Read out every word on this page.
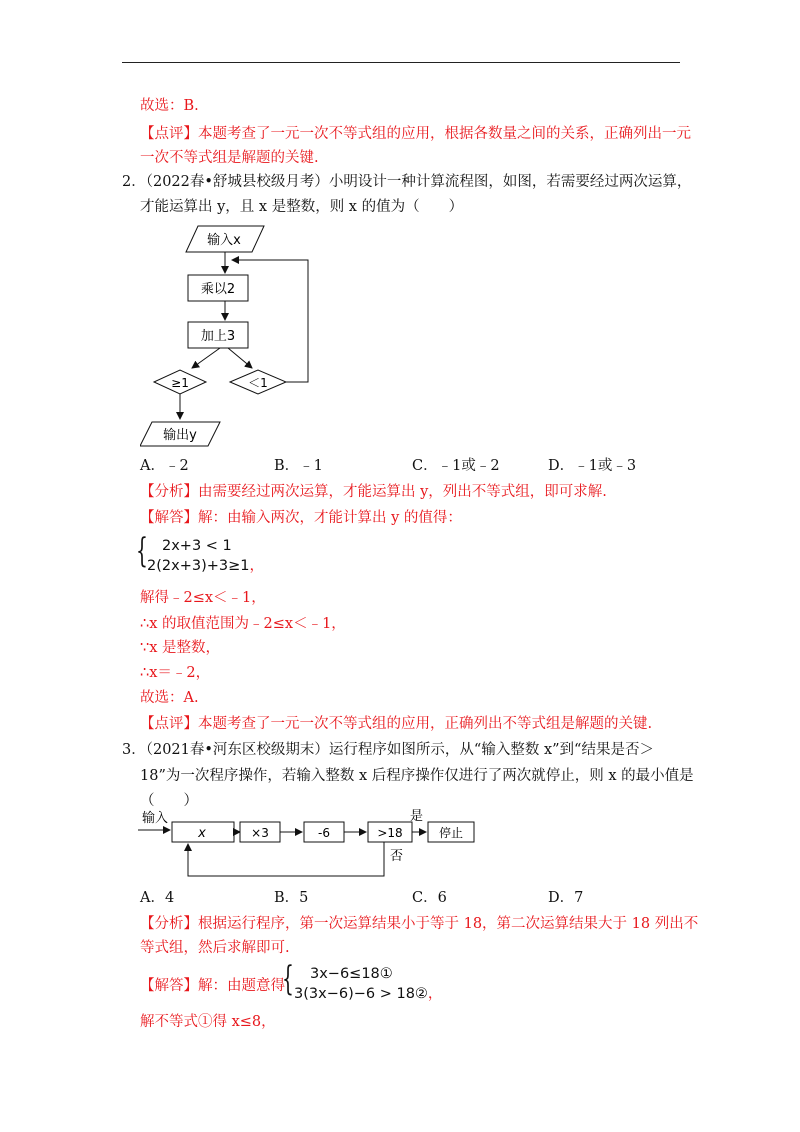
故选：B.
【点评】本题考查了一元一次不等式组的应用，根据各数量之间的关系，正确列出一元
一次不等式组是解题的关键.
2．（2022春•舒城县校级月考）小明设计一种计算流程图，如图，若需要经过两次运算，
才能运算出 y，且 x 是整数，则 x 的值为（　　）
输入x
乘以2
加上3
≥1	＜1
输出y
A．﹣2	B．﹣1	C．﹣1或﹣2	D．﹣1或﹣3
【分析】由需要经过两次运算，才能运算出 y，列出不等式组，即可求解.
【解答】解：由输入两次，才能计算出 y 的值得：
{ 2x+3 < 1
2(2x+3)+3≥1，
解得﹣2≤x＜﹣1，
∴x 的取值范围为﹣2≤x＜﹣1，
∵x 是整数，
∴x＝﹣2，
故选：A.
【点评】本题考查了一元一次不等式组的应用，正确列出不等式组是解题的关键.
3．（2021春•河东区校级期末）运行程序如图所示，从“输入整数 x”到“结果是否＞
18”为一次程序操作，若输入整数 x 后程序操作仅进行了两次就停止，则 x 的最小值是
（　　）
输入
x	×3	-6	>18
是
停止
否
A．4	B．5	C．6	D．7
【分析】根据运行程序，第一次运算结果小于等于 18，第二次运算结果大于 18 列出不
等式组，然后求解即可.
【解答】解：由题意得
{ 3x−6≤18①
3(3x−6)−6 > 18②，
解不等式①得 x≤8，
